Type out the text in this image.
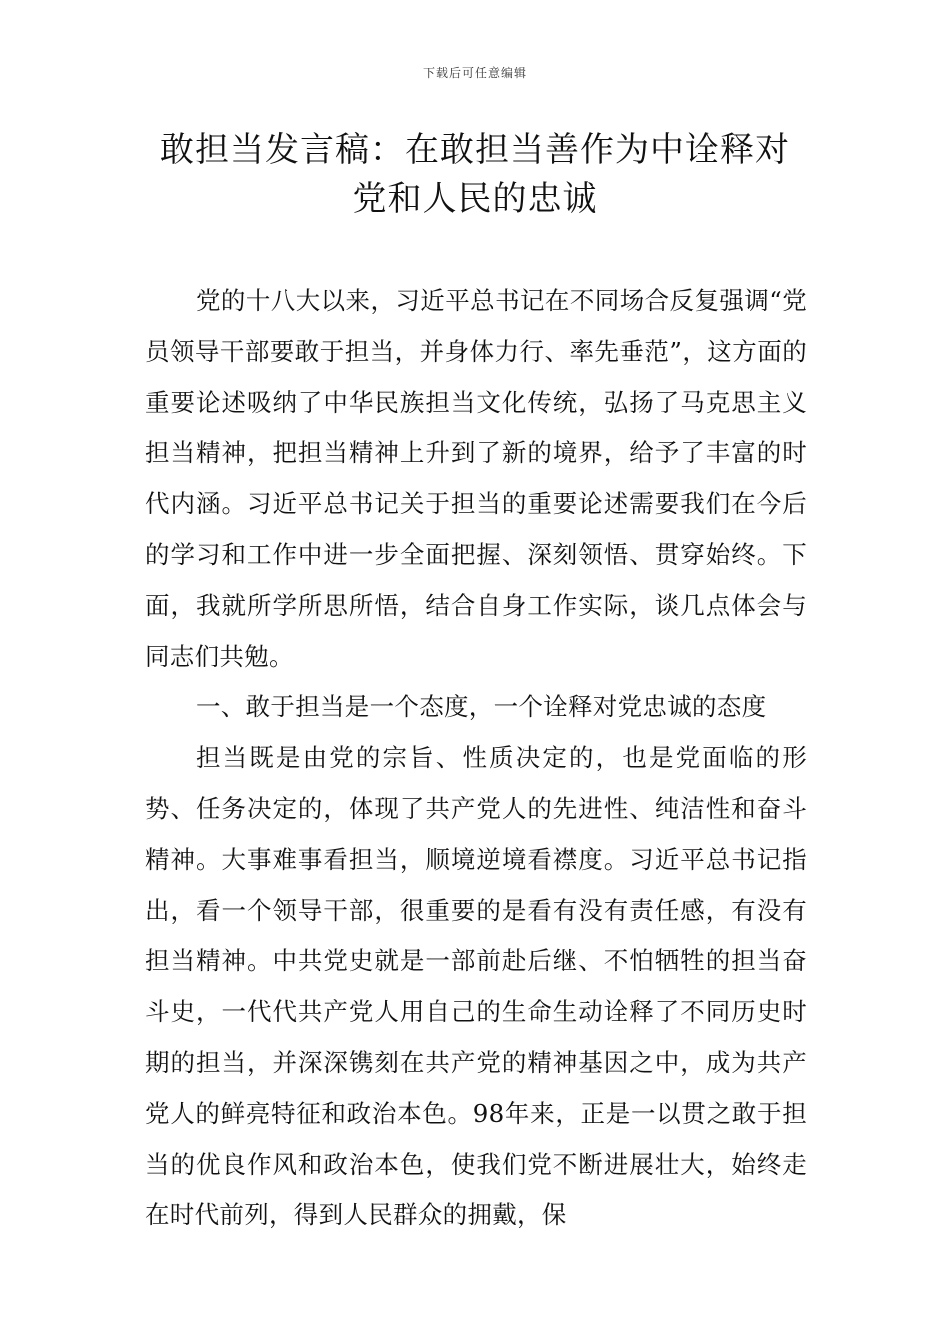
下载后可任意编辑
敢担当发言稿：在敢担当善作为中诠释对
党和人民的忠诚

党的十八大以来，习近平总书记在不同场合反复强调“党员领导干部要敢于担当，并身体力行、率先垂范”，这方面的重要论述吸纳了中华民族担当文化传统，弘扬了马克思主义担当精神，把担当精神上升到了新的境界，给予了丰富的时代内涵。习近平总书记关于担当的重要论述需要我们在今后的学习和工作中进一步全面把握、深刻领悟、贯穿始终。下面，我就所学所思所悟，结合自身工作实际，谈几点体会与同志们共勉。

一、敢于担当是一个态度，一个诠释对党忠诚的态度

担当既是由党的宗旨、性质决定的，也是党面临的形势、任务决定的，体现了共产党人的先进性、纯洁性和奋斗精神。大事难事看担当，顺境逆境看襟度。习近平总书记指出，看一个领导干部，很重要的是看有没有责任感，有没有担当精神。中共党史就是一部前赴后继、不怕牺牲的担当奋斗史，一代代共产党人用自己的生命生动诠释了不同历史时期的担当，并深深镌刻在共产党的精神基因之中，成为共产党人的鲜亮特征和政治本色。98年来，正是一以贯之敢于担当的优良作风和政治本色，使我们党不断进展壮大，始终走在时代前列，得到人民群众的拥戴，保
